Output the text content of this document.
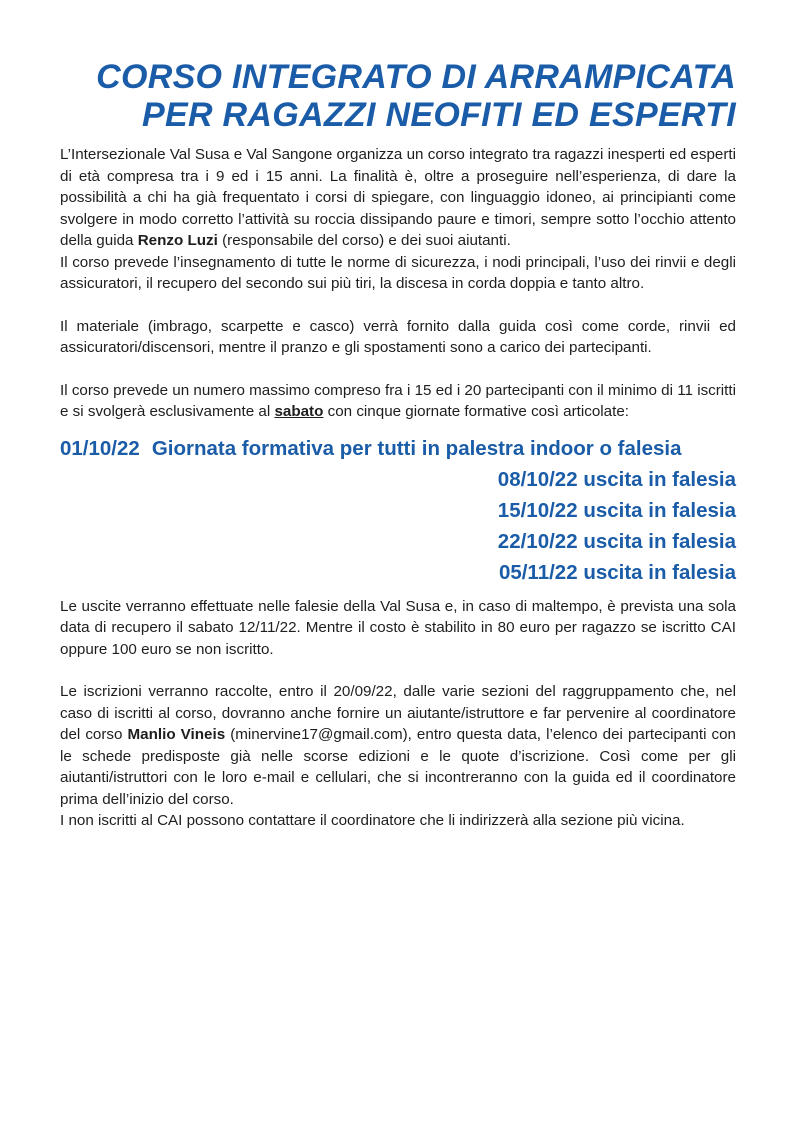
CORSO INTEGRATO DI ARRAMPICATA
PER RAGAZZI NEOFITI ED ESPERTI

L’Intersezionale Val Susa e Val Sangone organizza un corso integrato tra ragazzi inesperti ed esperti di età compresa tra i 9 ed i 15 anni. La finalità è, oltre a proseguire nell’esperienza, di dare la possibilità a chi ha già frequentato i corsi di spiegare, con linguaggio idoneo, ai principianti come svolgere in modo corretto l’attività su roccia dissipando paure e timori, sempre sotto l’occhio attento della guida Renzo Luzi (responsabile del corso) e dei suoi aiutanti.

Il corso prevede l’insegnamento di tutte le norme di sicurezza, i nodi principali, l’uso dei rinvii e degli assicuratori, il recupero del secondo sui più tiri, la discesa in corda doppia e tanto altro.

Il materiale (imbrago, scarpette e casco) verrà fornito dalla guida così come corde, rinvii ed assicuratori/discensori, mentre il pranzo e gli spostamenti sono a carico dei partecipanti.

Il corso prevede un numero massimo compreso fra i 15 ed i 20 partecipanti con il minimo di 11 iscritti e si svolgerà esclusivamente al sabato con cinque giornate formative così articolate:

01/10/22 Giornata formativa per tutti in palestra indoor o falesia
08/10/22 uscita in falesia
15/10/22 uscita in falesia
22/10/22 uscita in falesia
05/11/22 uscita in falesia

Le uscite verranno effettuate nelle falesie della Val Susa e, in caso di maltempo, è prevista una sola data di recupero il sabato 12/11/22. Mentre il costo è stabilito in 80 euro per ragazzo se iscritto CAI oppure 100 euro se non iscritto.

Le iscrizioni verranno raccolte, entro il 20/09/22, dalle varie sezioni del raggruppamento che, nel caso di iscritti al corso, dovranno anche fornire un aiutante/istruttore e far pervenire al coordinatore del corso Manlio Vineis (minervine17@gmail.com), entro questa data, l’elenco dei partecipanti con le schede predisposte già nelle scorse edizioni e le quote d’iscrizione. Così come per gli aiutanti/istruttori con le loro e-mail e cellulari, che si incontreranno con la guida ed il coordinatore prima dell’inizio del corso.

I non iscritti al CAI possono contattare il coordinatore che li indirizzerà alla sezione più vicina.
